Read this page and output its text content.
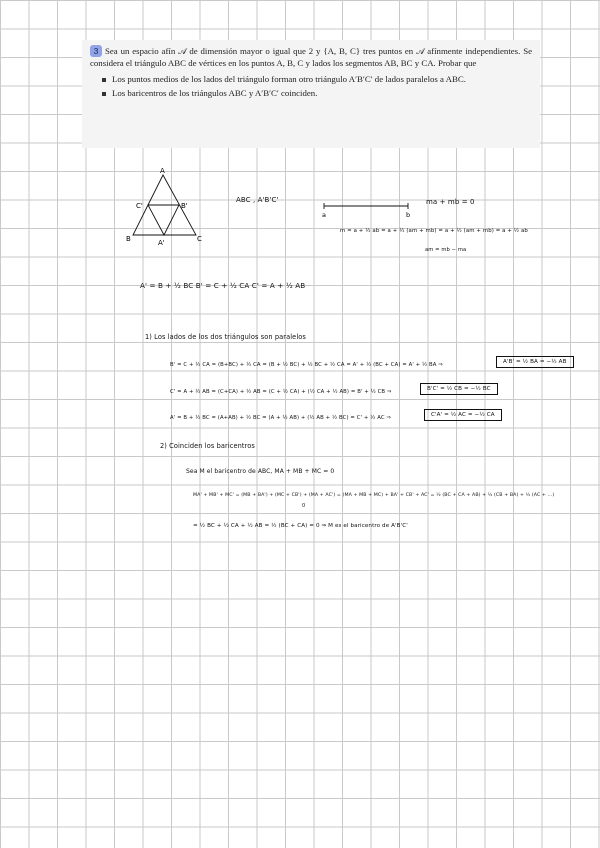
3 Sea un espacio afín 𝒜 de dimensión mayor o igual que 2 y {A, B, C} tres puntos en 𝒜 afínmente independientes. Se considera el triángulo ABC de vértices en los puntos A, B, C y lados los segmentos AB, BC y CA. Probar que
Los puntos medios de los lados del triángulo forman otro triángulo A′B′C′ de lados paralelos a ABC.
Los baricentros de los triángulos ABC y A′B′C′ coinciden.
A
C'	B'
B	A'	C
ABC , A'B'C'
a	b
ma + mb = 0
m = a + ½ ab = a + ½ (am + mb) = a + ½ (am + mb) = a + ½ ab
am = mb − ma
A' = B + ½ BC B' = C + ½ CA C' = A + ½ AB
1) Los lados de los dos triángulos son paralelos
B' = C + ½ CA = (B+BC) + ½ CA = (B + ½ BC) + ½ BC + ½ CA = A' + ½ (BC + CA) = A' + ½ BA ⇒	A'B' = ½ BA = −½ AB
C' = A + ½ AB = (C+CA) + ½ AB = (C + ½ CA) + (½ CA + ½ AB) = B' + ½ CB ⇒	B'C' = ½ CB = −½ BC
A' = B + ½ BC = (A+AB) + ½ BC = (A + ½ AB) + (½ AB + ½ BC) = C' + ½ AC ⇒	C'A' = ½ AC = −½ CA
2) Coinciden los baricentros
Sea M el baricentro de ABC, MA + MB + MC = 0
MA' + MB' + MC' = (MB + BA') + (MC + CB') + (MA + AC') = (MA + MB + MC) + BA' + CB' + AC' = ½ (BC + CA + AB) + ½ (CB + BA) + ½ (AC + ...)
0
= ½ BC + ½ CA + ½ AB = ½ (BC + CA) = 0 ⇒ M es el baricentro de A'B'C'
